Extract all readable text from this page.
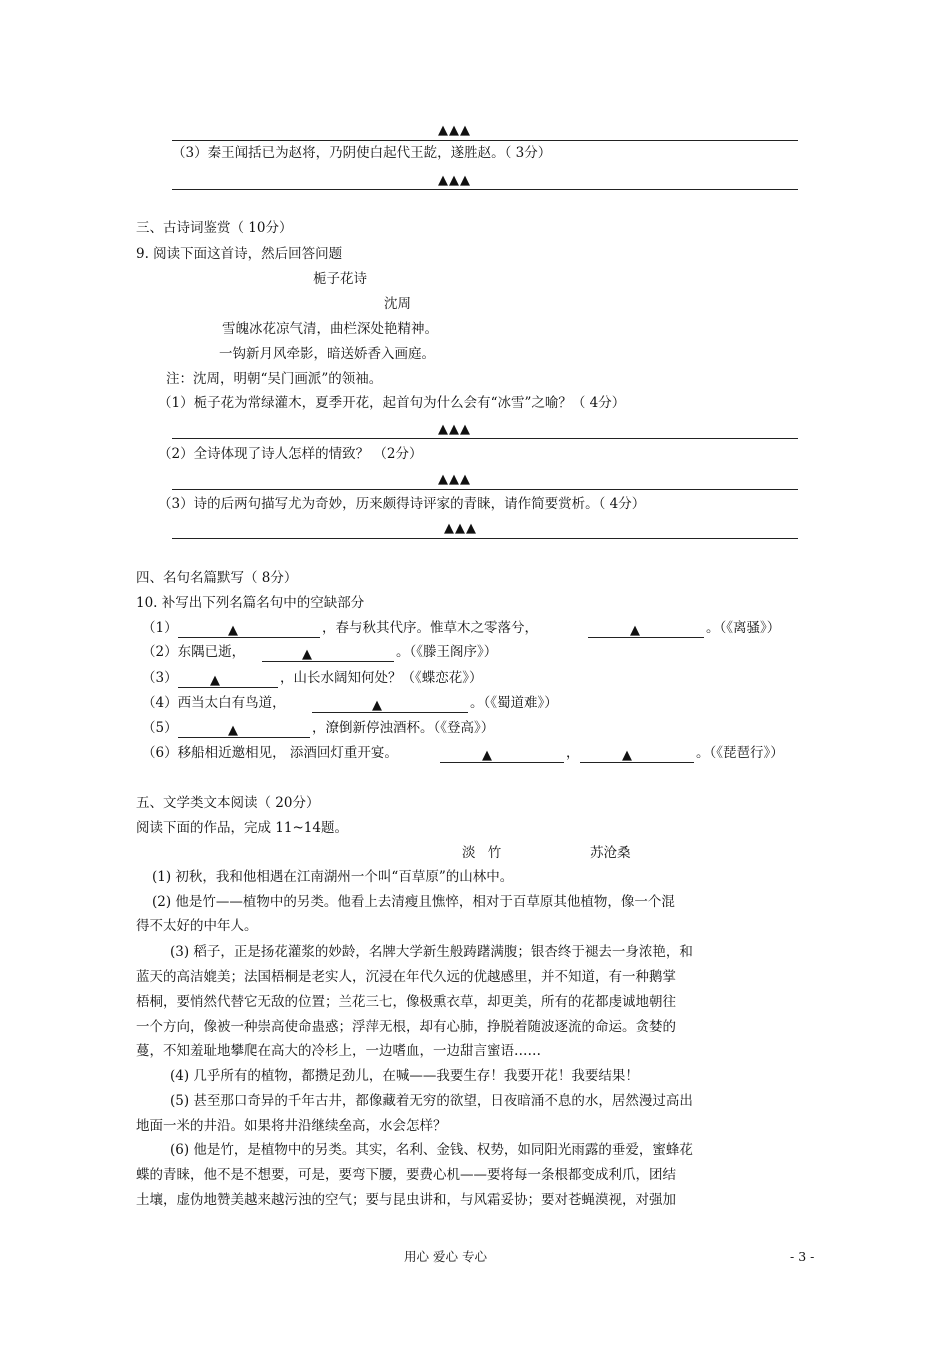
▲▲▲
（3）秦王闻括已为赵将，乃阴使白起代王龁，遂胜赵。（ 3分）
▲▲▲
三、古诗词鉴赏（ 10分）
9. 阅读下面这首诗，然后回答问题
栀子花诗
沈周
雪魄冰花凉气清，曲栏深处艳精神。
一钩新月风牵影，暗送娇香入画庭。
注：沈周，明朝“吴门画派”的领袖。
（1）栀子花为常绿灌木，夏季开花，起首句为什么会有“冰雪”之喻？（ 4分）
▲▲▲
（2）全诗体现了诗人怎样的情致？ （2分）
▲▲▲
（3）诗的后两句描写尤为奇妙，历来颇得诗评家的青睐，请作简要赏析。（ 4分）
▲▲▲
四、名句名篇默写（ 8分）
10. 补写出下列名篇名句中的空缺部分
（1）	▲	，春与秋其代序。惟草木之零落兮，	▲	。（《离骚》）
（2）东隅已逝，	▲	。（《滕王阁序》）
（3） ▲	，山长水阔知何处？（《蝶恋花》）
（4）西当太白有鸟道，	▲	。（《蜀道难》）
（5）	▲	，潦倒新停浊酒杯。（《登高》）
（6）移船相近邀相见， 添酒回灯重开宴。	▲	，	▲	。（《琵琶行》）
五、文学类文本阅读（ 20分）
阅读下面的作品，完成 11~14题。
淡 竹	苏沧桑
(1) 初秋，我和他相遇在江南湖州一个叫“百草原”的山林中。
(2) 他是竹——植物中的另类。他看上去清瘦且憔悴，相对于百草原其他植物，像一个混
得不太好的中年人。
(3) 稻子，正是扬花灌浆的妙龄，名牌大学新生般踌躇满腹；银杏终于褪去一身浓艳，和
蓝天的高洁媲美；法国梧桐是老实人，沉浸在年代久远的优越感里，并不知道，有一种鹅掌
梧桐，要悄然代替它无敌的位置；兰花三七，像极熏衣草，却更美，所有的花都虔诚地朝往
一个方向，像被一种崇高使命蛊惑；浮萍无根，却有心肺，挣脱着随波逐流的命运。贪婪的
蔓，不知羞耻地攀爬在高大的冷杉上，一边嗜血，一边甜言蜜语……
(4) 几乎所有的植物，都攒足劲儿，在喊——我要生存！我要开花！我要结果！
(5) 甚至那口奇异的千年古井，都像藏着无穷的欲望，日夜暗涌不息的水，居然漫过高出
地面一米的井沿。如果将井沿继续垒高，水会怎样？
(6) 他是竹，是植物中的另类。其实，名利、金钱、权势，如同阳光雨露的垂爱，蜜蜂花
蝶的青睐，他不是不想要，可是，要弯下腰，要费心机——要将每一条根都变成利爪，团结
土壤，虚伪地赞美越来越污浊的空气；要与昆虫讲和，与风霜妥协；要对苍蝇漠视，对强加
用心 爱心 专心	- 3 -
